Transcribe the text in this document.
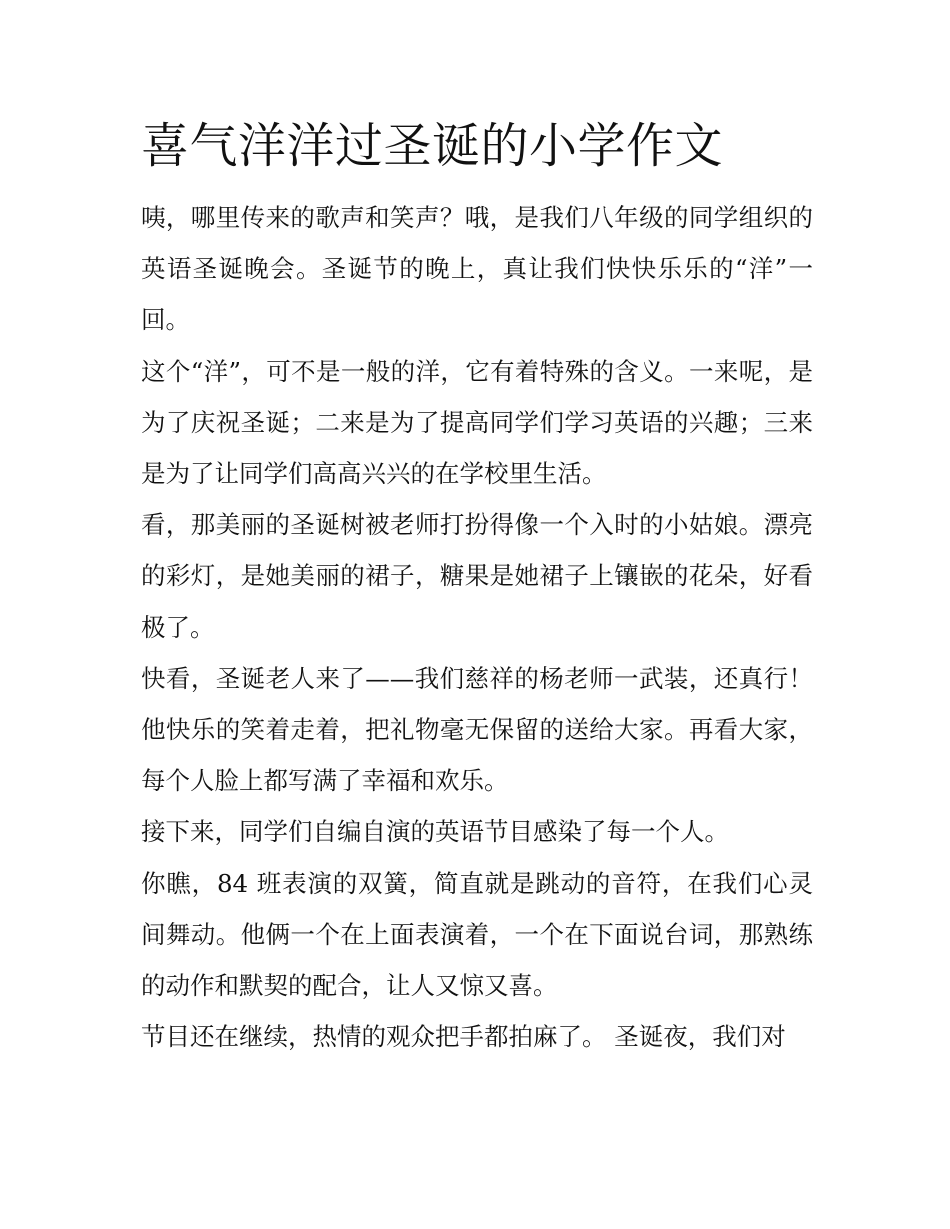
喜气洋洋过圣诞的小学作文

咦，哪里传来的歌声和笑声？哦，是我们八年级的同学组织的英语圣诞晚会。圣诞节的晚上，真让我们快快乐乐的“洋”一回。

这个“洋”，可不是一般的洋，它有着特殊的含义。一来呢，是为了庆祝圣诞；二来是为了提高同学们学习英语的兴趣；三来是为了让同学们高高兴兴的在学校里生活。

看，那美丽的圣诞树被老师打扮得像一个入时的小姑娘。漂亮的彩灯，是她美丽的裙子，糖果是她裙子上镶嵌的花朵，好看极了。

快看，圣诞老人来了——我们慈祥的杨老师一武装，还真行！他快乐的笑着走着，把礼物毫无保留的送给大家。再看大家，每个人脸上都写满了幸福和欢乐。

接下来，同学们自编自演的英语节目感染了每一个人。

你瞧，84 班表演的双簧，简直就是跳动的音符，在我们心灵间舞动。他俩一个在上面表演着，一个在下面说台词，那熟练的动作和默契的配合，让人又惊又喜。

节目还在继续，热情的观众把手都拍麻了。 圣诞夜，我们对
